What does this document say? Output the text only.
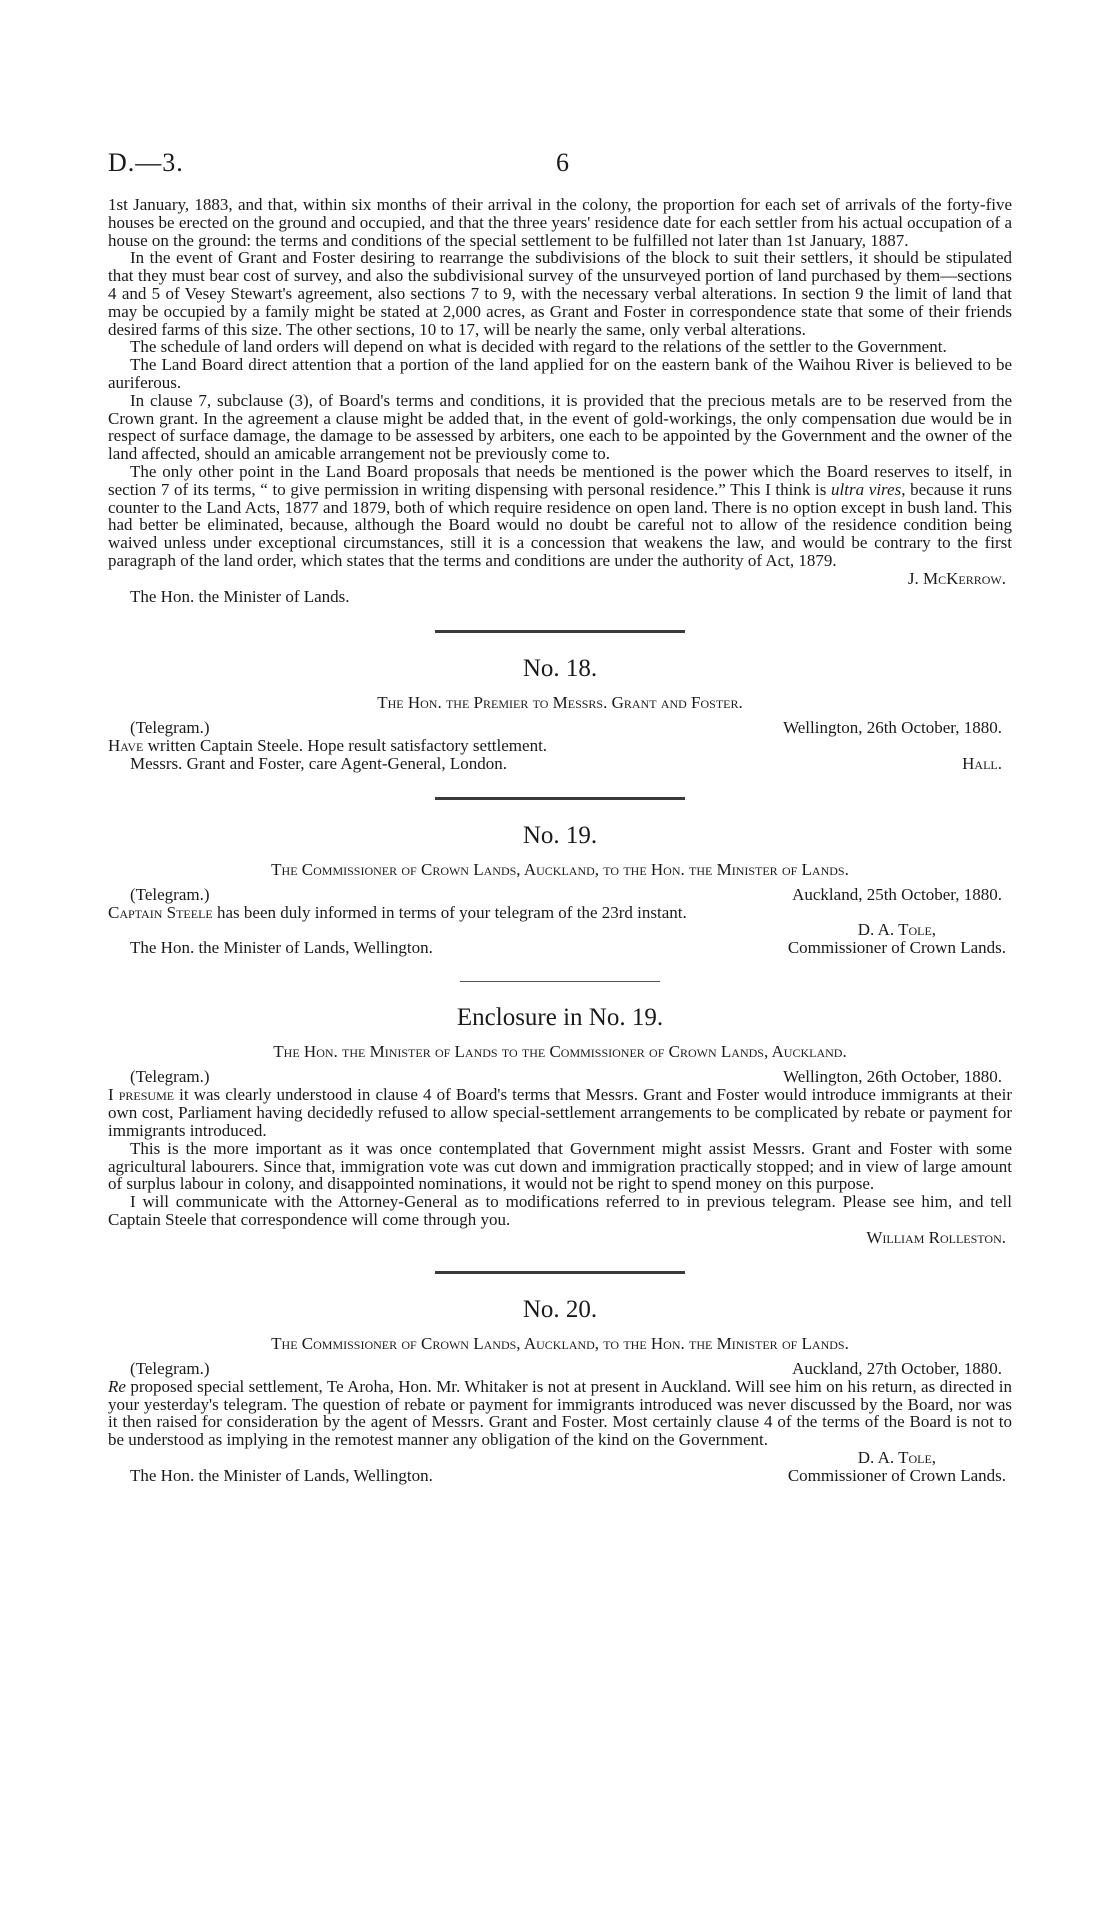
D.—3.	6

1st January, 1883, and that, within six months of their arrival in the colony, the proportion for each set of arrivals of the forty-five houses be erected on the ground and occupied, and that the three years' residence date for each settler from his actual occupation of a house on the ground: the terms and conditions of the special settlement to be fulfilled not later than 1st January, 1887.

In the event of Grant and Foster desiring to rearrange the subdivisions of the block to suit their settlers, it should be stipulated that they must bear cost of survey, and also the subdivisional survey of the unsurveyed portion of land purchased by them—sections 4 and 5 of Vesey Stewart's agreement, also sections 7 to 9, with the necessary verbal alterations. In section 9 the limit of land that may be occupied by a family might be stated at 2,000 acres, as Grant and Foster in correspondence state that some of their friends desired farms of this size. The other sections, 10 to 17, will be nearly the same, only verbal alterations.

The schedule of land orders will depend on what is decided with regard to the relations of the settler to the Government.

The Land Board direct attention that a portion of the land applied for on the eastern bank of the Waihou River is believed to be auriferous.

In clause 7, subclause (3), of Board's terms and conditions, it is provided that the precious metals are to be reserved from the Crown grant. In the agreement a clause might be added that, in the event of gold-workings, the only compensation due would be in respect of surface damage, the damage to be assessed by arbiters, one each to be appointed by the Government and the owner of the land affected, should an amicable arrangement not be previously come to.

The only other point in the Land Board proposals that needs be mentioned is the power which the Board reserves to itself, in section 7 of its terms, “ to give permission in writing dispensing with personal residence.” This I think is ultra vires, because it runs counter to the Land Acts, 1877 and 1879, both of which require residence on open land. There is no option except in bush land. This had better be eliminated, because, although the Board would no doubt be careful not to allow of the residence condition being waived unless under exceptional circumstances, still it is a concession that weakens the law, and would be contrary to the first paragraph of the land order, which states that the terms and conditions are under the authority of Act, 1879.

J. McKerrow.
The Hon. the Minister of Lands.
No. 18.
The Hon. the Premier to Messrs. Grant and Foster.
(Telegram.)	Wellington, 26th October, 1880.

Have written Captain Steele. Hope result satisfactory settlement.

Messrs. Grant and Foster, care Agent-General, London.	Hall.
No. 19.
The Commissioner of Crown Lands, Auckland, to the Hon. the Minister of Lands.
(Telegram.)	Auckland, 25th October, 1880.

Captain Steele has been duly informed in terms of your telegram of the 23rd instant.

The Hon. the Minister of Lands, Wellington.
D. A. Tole,
Commissioner of Crown Lands.
Enclosure in No. 19.
The Hon. the Minister of Lands to the Commissioner of Crown Lands, Auckland.
(Telegram.)	Wellington, 26th October, 1880.

I presume it was clearly understood in clause 4 of Board's terms that Messrs. Grant and Foster would introduce immigrants at their own cost, Parliament having decidedly refused to allow special-settlement arrangements to be complicated by rebate or payment for immigrants introduced.

This is the more important as it was once contemplated that Government might assist Messrs. Grant and Foster with some agricultural labourers. Since that, immigration vote was cut down and immigration practically stopped; and in view of large amount of surplus labour in colony, and disappointed nominations, it would not be right to spend money on this purpose.

I will communicate with the Attorney-General as to modifications referred to in previous telegram. Please see him, and tell Captain Steele that correspondence will come through you.

William Rolleston.
No. 20.
The Commissioner of Crown Lands, Auckland, to the Hon. the Minister of Lands.
(Telegram.)	Auckland, 27th October, 1880.

Re proposed special settlement, Te Aroha, Hon. Mr. Whitaker is not at present in Auckland. Will see him on his return, as directed in your yesterday's telegram. The question of rebate or payment for immigrants introduced was never discussed by the Board, nor was it then raised for consideration by the agent of Messrs. Grant and Foster. Most certainly clause 4 of the terms of the Board is not to be understood as implying in the remotest manner any obligation of the kind on the Government.

The Hon. the Minister of Lands, Wellington.
D. A. Tole,
Commissioner of Crown Lands.
